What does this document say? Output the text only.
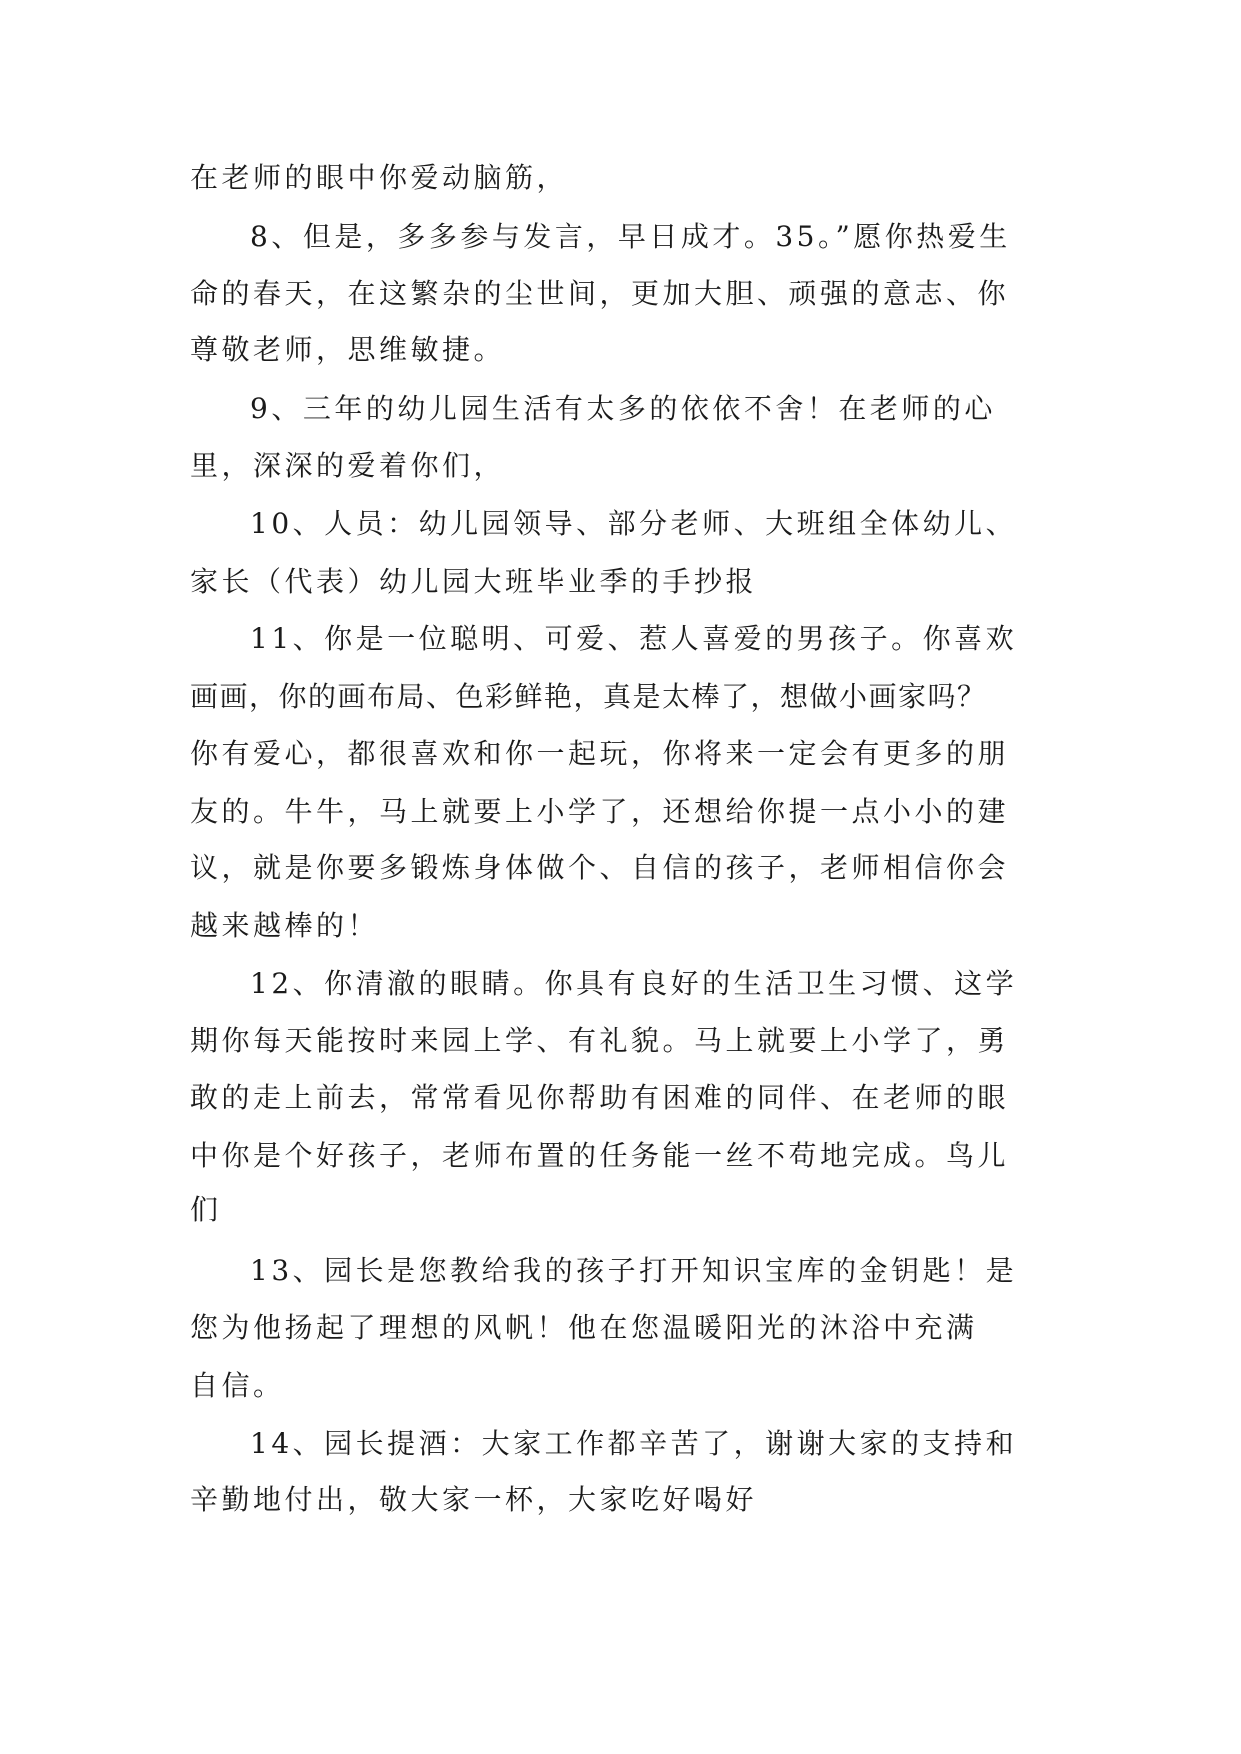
在老师的眼中你爱动脑筋，
8、但是，多多参与发言，早日成才。35。”愿你热爱生
命的春天，在这繁杂的尘世间，更加大胆、顽强的意志、你
尊敬老师，思维敏捷。
9、三年的幼儿园生活有太多的依依不舍！在老师的心
里，深深的爱着你们，
10、人员：幼儿园领导、部分老师、大班组全体幼儿、
家长（代表）幼儿园大班毕业季的手抄报
11、你是一位聪明、可爱、惹人喜爱的男孩子。你喜欢
画画，你的画布局、色彩鲜艳，真是太棒了，想做小画家吗？
你有爱心，都很喜欢和你一起玩，你将来一定会有更多的朋
友的。牛牛，马上就要上小学了，还想给你提一点小小的建
议，就是你要多锻炼身体做个、自信的孩子，老师相信你会
越来越棒的！
12、你清澈的眼睛。你具有良好的生活卫生习惯、这学
期你每天能按时来园上学、有礼貌。马上就要上小学了，勇
敢的走上前去，常常看见你帮助有困难的同伴、在老师的眼
中你是个好孩子，老师布置的任务能一丝不苟地完成。鸟儿
们
13、园长是您教给我的孩子打开知识宝库的金钥匙！是
您为他扬起了理想的风帆！他在您温暖阳光的沐浴中充满
自信。
14、园长提酒：大家工作都辛苦了，谢谢大家的支持和
辛勤地付出，敬大家一杯，大家吃好喝好
